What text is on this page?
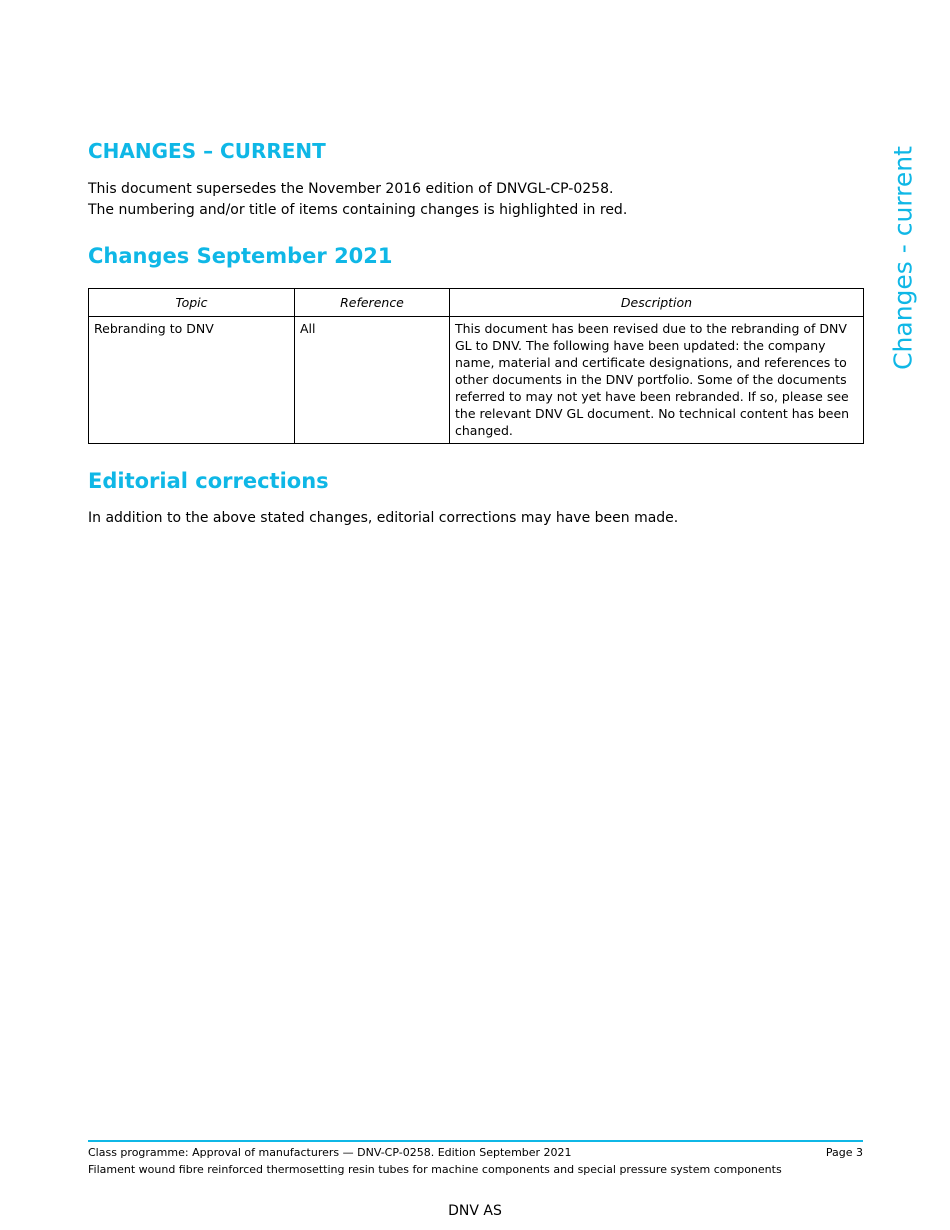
CHANGES – CURRENT
This document supersedes the November 2016 edition of DNVGL-CP-0258.
The numbering and/or title of items containing changes is highlighted in red.
Changes September 2021
Topic	Reference	Description
Rebranding to DNV	All	This document has been revised due to the rebranding of DNV GL to DNV. The following have been updated: the company name, material and certificate designations, and references to other documents in the DNV portfolio. Some of the documents referred to may not yet have been rebranded. If so, please see the relevant DNV GL document. No technical content has been changed.
Editorial corrections
In addition to the above stated changes, editorial corrections may have been made.
Changes - current
Class programme: Approval of manufacturers — DNV-CP-0258. Edition September 2021	Page 3
Filament wound fibre reinforced thermosetting resin tubes for machine components and special pressure system components
DNV AS
